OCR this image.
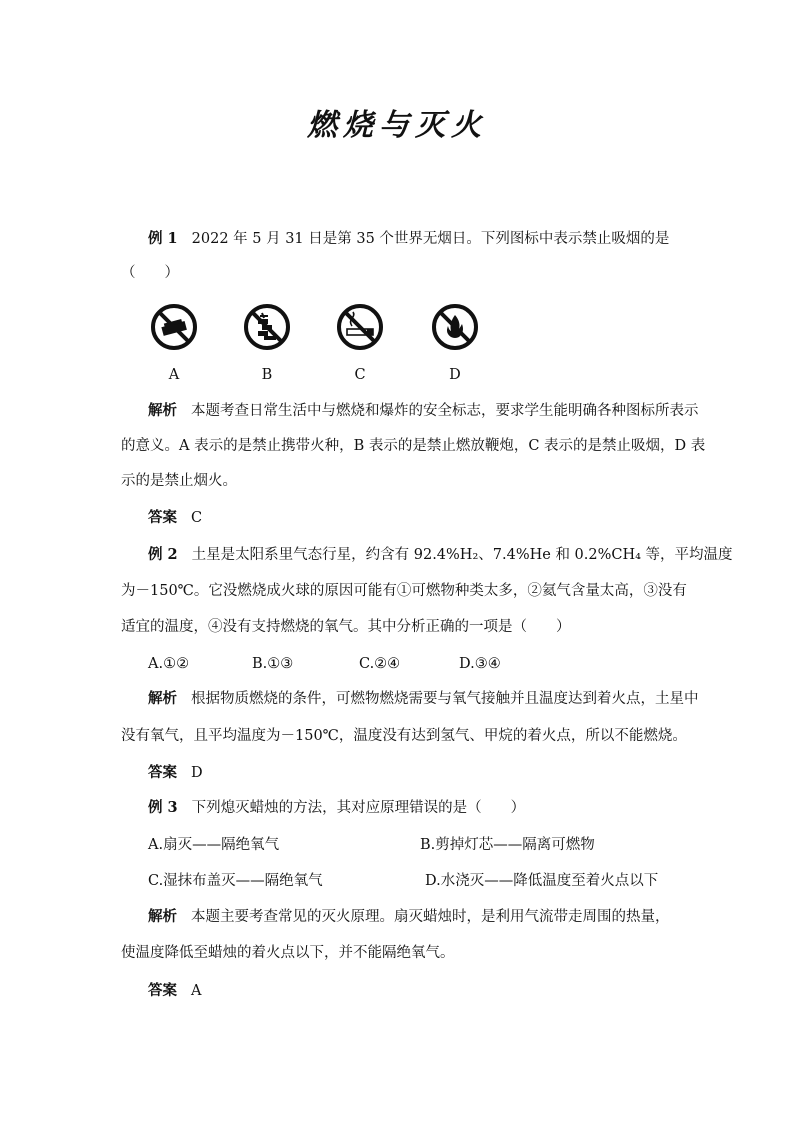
燃烧与灭火
例 1 2022 年 5 月 31 日是第 35 个世界无烟日。下列图标中表示禁止吸烟的是
（　　）
A	B	C	D
解析 本题考查日常生活中与燃烧和爆炸的安全标志，要求学生能明确各种图标所表示
的意义。A 表示的是禁止携带火种，B 表示的是禁止燃放鞭炮，C 表示的是禁止吸烟，D 表
示的是禁止烟火。
答案 C
例 2 土星是太阳系里气态行星，约含有 92.4%H₂、7.4%He 和 0.2%CH₄ 等，平均温度
为－150℃。它没燃烧成火球的原因可能有①可燃物种类太多，②氦气含量太高，③没有
适宜的温度，④没有支持燃烧的氧气。其中分析正确的一项是（　　）
A.①②	B.①③	C.②④	D.③④
解析 根据物质燃烧的条件，可燃物燃烧需要与氧气接触并且温度达到着火点，土星中
没有氧气，且平均温度为－150℃，温度没有达到氢气、甲烷的着火点，所以不能燃烧。
答案 D
例 3 下列熄灭蜡烛的方法，其对应原理错误的是（　　）
A.扇灭——隔绝氧气	B.剪掉灯芯——隔离可燃物
C.湿抹布盖灭——隔绝氧气	D.水浇灭——降低温度至着火点以下
解析 本题主要考查常见的灭火原理。扇灭蜡烛时，是利用气流带走周围的热量，
使温度降低至蜡烛的着火点以下，并不能隔绝氧气。
答案 A
